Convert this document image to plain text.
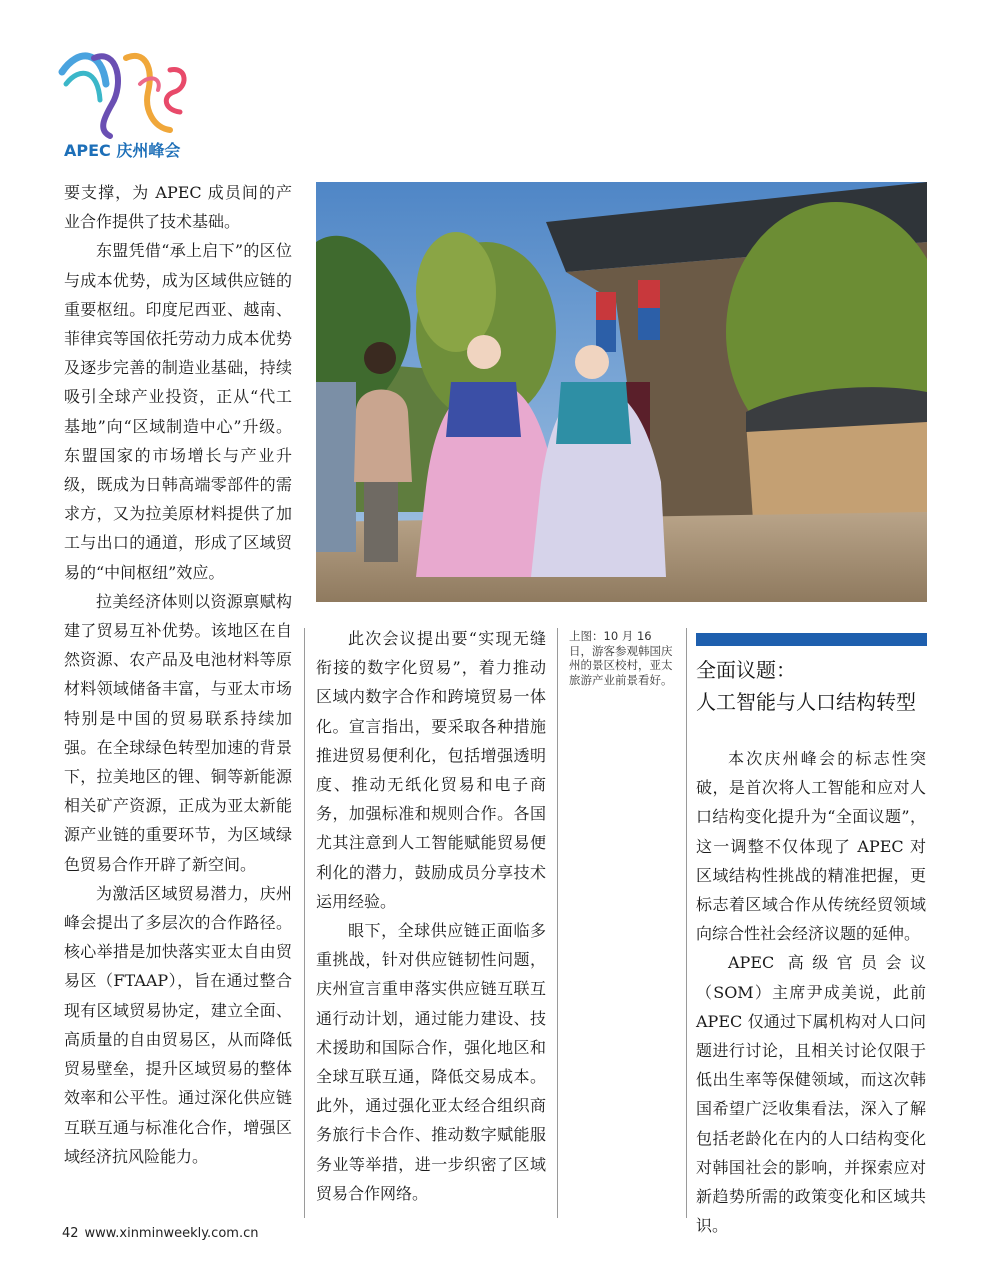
APEC 庆州峰会

要支撑，为 APEC 成员间的产业合作提供了技术基础。

东盟凭借“承上启下”的区位与成本优势，成为区域供应链的重要枢纽。印度尼西亚、越南、菲律宾等国依托劳动力成本优势及逐步完善的制造业基础，持续吸引全球产业投资，正从“代工基地”向“区域制造中心”升级。东盟国家的市场增长与产业升级，既成为日韩高端零部件的需求方，又为拉美原材料提供了加工与出口的通道，形成了区域贸易的“中间枢纽”效应。

拉美经济体则以资源禀赋构建了贸易互补优势。该地区在自然资源、农产品及电池材料等原材料领域储备丰富，与亚太市场特别是中国的贸易联系持续加强。在全球绿色转型加速的背景下，拉美地区的锂、铜等新能源相关矿产资源，正成为亚太新能源产业链的重要环节，为区域绿色贸易合作开辟了新空间。

为激活区域贸易潜力，庆州峰会提出了多层次的合作路径。核心举措是加快落实亚太自由贸易区（FTAAP），旨在通过整合现有区域贸易协定，建立全面、高质量的自由贸易区，从而降低贸易壁垒，提升区域贸易的整体效率和公平性。通过深化供应链互联互通与标准化合作，增强区域经济抗风险能力。

此次会议提出要“实现无缝衔接的数字化贸易”，着力推动区域内数字合作和跨境贸易一体化。宣言指出，要采取各种措施推进贸易便利化，包括增强透明度、推动无纸化贸易和电子商务，加强标准和规则合作。各国尤其注意到人工智能赋能贸易便利化的潜力，鼓励成员分享技术运用经验。

眼下，全球供应链正面临多重挑战，针对供应链韧性问题，庆州宣言重申落实供应链互联互通行动计划，通过能力建设、技术援助和国际合作，强化地区和全球互联互通，降低交易成本。此外，通过强化亚太经合组织商务旅行卡合作、推动数字赋能服务业等举措，进一步织密了区域贸易合作网络。

上图：10 月 16 日，游客参观韩国庆州的景区校村，亚太旅游产业前景看好。 全面议题：
人工智能与人口结构转型

本次庆州峰会的标志性突破，是首次将人工智能和应对人口结构变化提升为“全面议题”，这一调整不仅体现了 APEC 对区域结构性挑战的精准把握，更标志着区域合作从传统经贸领域向综合性社会经济议题的延伸。

APEC 高级官员会议（SOM）主席尹成美说，此前 APEC 仅通过下属机构对人口问题进行讨论，且相关讨论仅限于低出生率等保健领域，而这次韩国希望广泛收集看法，深入了解包括老龄化在内的人口结构变化对韩国社会的影响，并探索应对新趋势所需的政策变化和区域共识。

42 www.xinminweekly.com.cn
